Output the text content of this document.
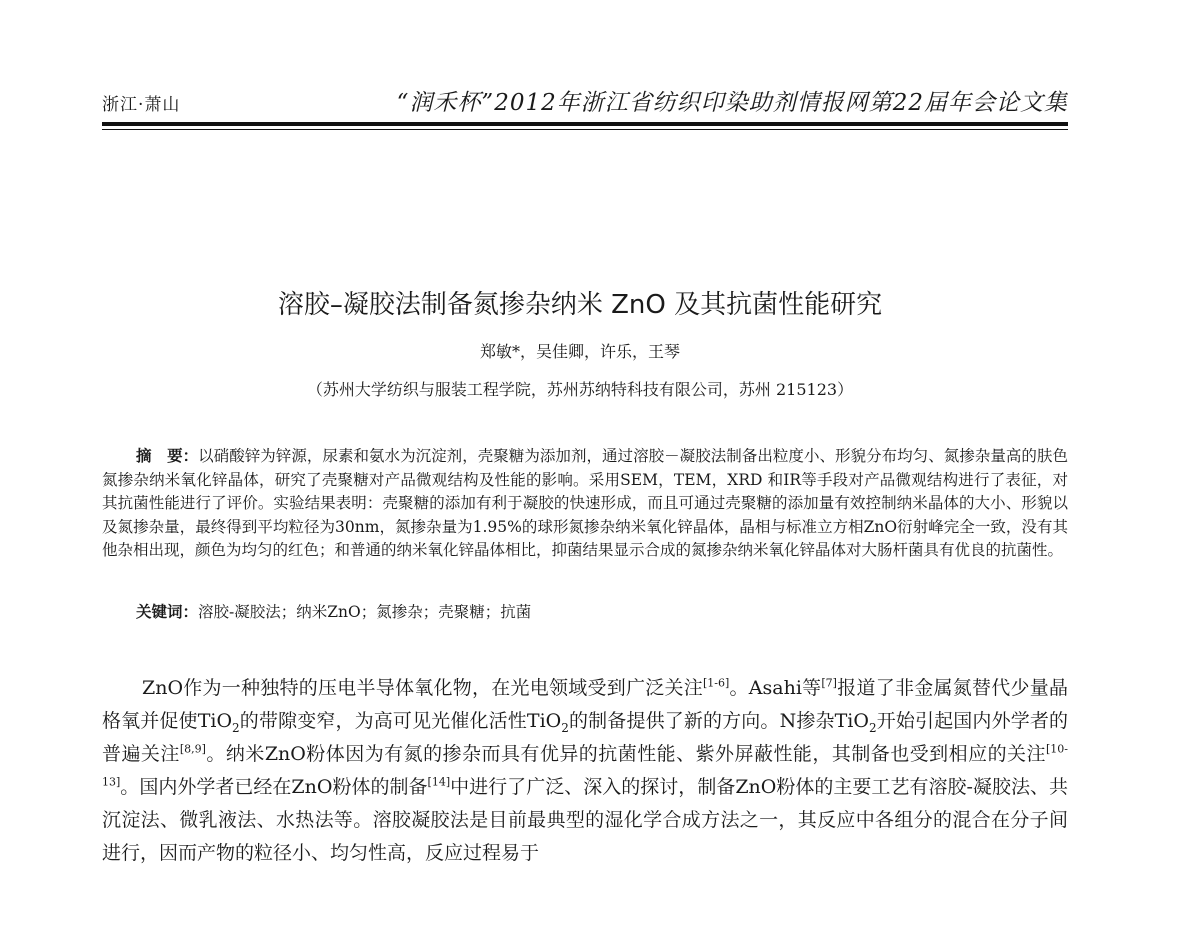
浙江·萧山	“润禾杯”2012年浙江省纺织印染助剂情报网第22届年会论文集
溶胶–凝胶法制备氮掺杂纳米 ZnO 及其抗菌性能研究
郑敏*，吴佳卿，许乐，王琴
（苏州大学纺织与服装工程学院，苏州苏纳特科技有限公司，苏州 215123）
摘　要：以硝酸锌为锌源，尿素和氨水为沉淀剂，壳聚糖为添加剂，通过溶胶－凝胶法制备出粒度小、形貌分布均匀、氮掺杂量高的肤色氮掺杂纳米氧化锌晶体，研究了壳聚糖对产品微观结构及性能的影响。采用SEM，TEM，XRD 和IR等手段对产品微观结构进行了表征，对其抗菌性能进行了评价。实验结果表明：壳聚糖的添加有利于凝胶的快速形成，而且可通过壳聚糖的添加量有效控制纳米晶体的大小、形貌以及氮掺杂量，最终得到平均粒径为30nm，氮掺杂量为1.95%的球形氮掺杂纳米氧化锌晶体，晶相与标准立方相ZnO衍射峰完全一致，没有其他杂相出现，颜色为均匀的红色；和普通的纳米氧化锌晶体相比，抑菌结果显示合成的氮掺杂纳米氧化锌晶体对大肠杆菌具有优良的抗菌性。
关键词：溶胶-凝胶法；纳米ZnO；氮掺杂；壳聚糖；抗菌
ZnO作为一种独特的压电半导体氧化物，在光电领域受到广泛关注[1-6]。Asahi等[7]报道了非金属氮替代少量晶格氧并促使TiO$_2$的带隙变窄，为高可见光催化活性TiO$_2$的制备提供了新的方向。N掺杂TiO$_2$开始引起国内外学者的普遍关注[8,9]。纳米ZnO粉体因为有氮的掺杂而具有优异的抗菌性能、紫外屏蔽性能，其制备也受到相应的关注[10-13]。国内外学者已经在ZnO粉体的制备[14]中进行了广泛、深入的探讨，制备ZnO粉体的主要工艺有溶胶-凝胶法、共沉淀法、微乳液法、水热法等。溶胶凝胶法是目前最典型的湿化学合成方法之一，其反应中各组分的混合在分子间进行，因而产物的粒径小、均匀性高，反应过程易于
